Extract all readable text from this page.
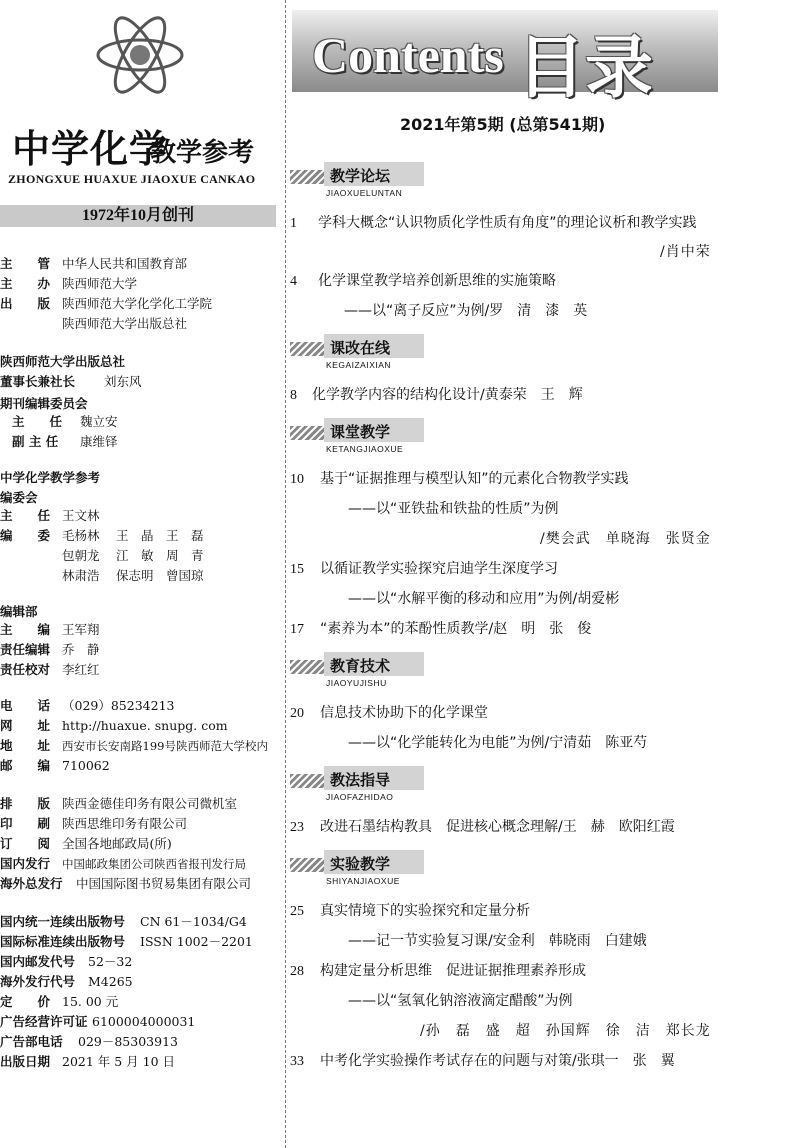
中学化学
教学参考
ZHONGXUE HUAXUE JIAOXUE CANKAO
1972年10月创刊
主　　管 中华人民共和国教育部
主　　办 陕西师范大学
出　　版 陕西师范大学化学化工学院
陕西师范大学出版总社
陕西师范大学出版总社
董事长兼社长 刘东风
期刊编辑委员会
主　　任 魏立安
副 主 任 康维铎
中学化学教学参考
编委会
主　　任 王文林
编　　委 毛杨林 王　晶 王　磊
包朝龙 江　敏 周　青
林肃浩 保志明 曾国琼
编辑部
主　　编 王军翔
责任编辑 乔　静
责任校对 李红红
电　　话 （029）85234213
网　　址 http://huaxue. snupg. com
地　　址 西安市长安南路199号陕西师范大学校内
邮　　编 710062
排　　版 陕西金德佳印务有限公司微机室
印　　刷 陕西思维印务有限公司
订　　阅 全国各地邮政局(所)
国内发行 中国邮政集团公司陕西省报刊发行局
海外总发行 中国国际图书贸易集团有限公司
国内统一连续出版物号 CN 61－1034/G4
国际标准连续出版物号 ISSN 1002－2201
国内邮发代号 52－32
海外发行代号 M4265
定　　价 15. 00 元
广告经营许可证 6100004000031
广告部电话 029－85303913
出版日期 2021 年 5 月 10 日
Contents 目录
2021年第5期 (总第541期)
教学论坛
JIAOXUELUNTAN
1 学科大概念“认识物质化学性质有角度”的理论议析和教学实践
/肖中荣
4 化学课堂教学培养创新思维的实施策略
——以“离子反应”为例/罗　清　漆　英
课改在线
KEGAIZAIXIAN
8 化学教学内容的结构化设计/黄泰荣　王　辉
课堂教学
KETANGJIAOXUE
10 基于“证据推理与模型认知”的元素化合物教学实践
——以“亚铁盐和铁盐的性质”为例
/樊会武　单晓海　张贤金
15 以循证教学实验探究启迪学生深度学习
——以“水解平衡的移动和应用”为例/胡爱彬
17 “素养为本”的苯酚性质教学/赵　明　张　俊
教育技术
JIAOYUJISHU
20 信息技术协助下的化学课堂
——以“化学能转化为电能”为例/宁清茹　陈亚芍
教法指导
JIAOFAZHIDAO
23 改进石墨结构教具　促进核心概念理解/王　赫　欧阳红霞
实验教学
SHIYANJIAOXUE
25 真实情境下的实验探究和定量分析
——记一节实验复习课/安金利　韩晓雨　白建娥
28 构建定量分析思维　促进证据推理素养形成
——以“氢氧化钠溶液滴定醋酸”为例
/孙　磊　盛　超　孙国辉　徐　洁　郑长龙
33 中考化学实验操作考试存在的问题与对策/张琪一　张　翼
